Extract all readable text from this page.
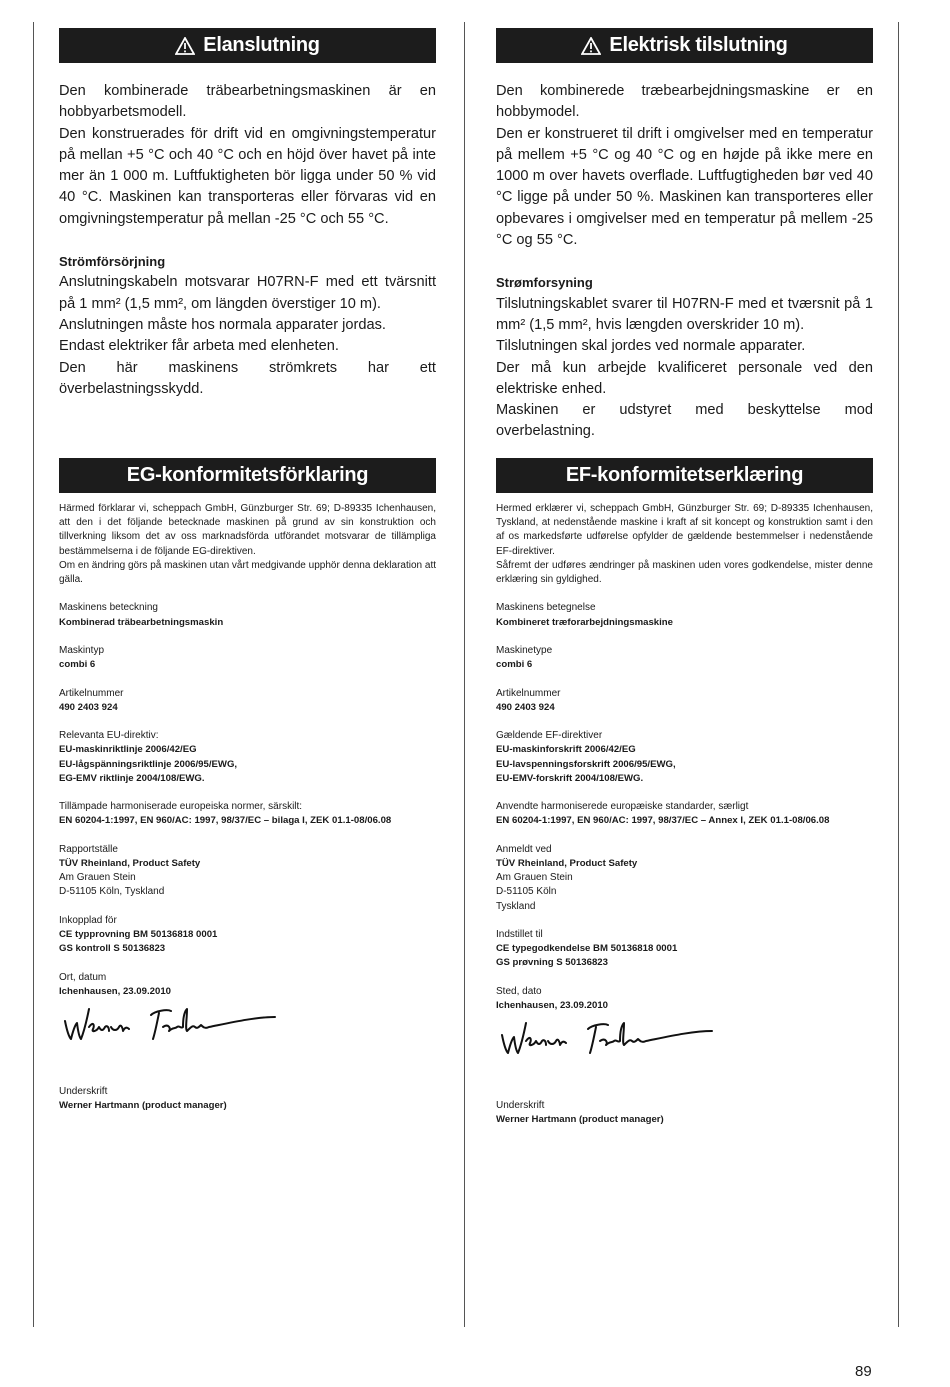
Elanslutning

Den kombinerade träbearbetningsmaskinen är en hobbyarbetsmodell.

Den konstruerades för drift vid en omgivningstemperatur på mellan +5 °C och 40 °C och en höjd över havet på inte mer än 1 000 m. Luftfuktigheten bör ligga under 50 % vid 40 °C. Maskinen kan transporteras eller förvaras vid en omgivningstemperatur på mellan -25 °C och 55 °C.

Strömförsörjning

Anslutningskabeln motsvarar H07RN-F med ett tvärsnitt på 1 mm² (1,5 mm², om längden överstiger 10 m).

Anslutningen måste hos normala apparater jordas.

Endast elektriker får arbeta med elenheten.

Den här maskinens strömkrets har ett överbelastningsskydd.

EG-konformitetsförklaring

Härmed förklarar vi, scheppach GmbH, Günzburger Str. 69; D-89335 Ichenhausen, att den i det följande betecknade maskinen på grund av sin konstruktion och tillverkning liksom det av oss marknadsförda utförandet motsvarar de tillämpliga bestämmelserna i de följande EG-direktiven.

Om en ändring görs på maskinen utan vårt medgivande upphör denna deklaration att gälla.

Maskinens beteckning

Kombinerad träbearbetningsmaskin

Maskintyp

combi 6

Artikelnummer

490 2403 924

Relevanta EU-direktiv:

EU-maskinriktlinje 2006/42/EG

EU-lågspänningsriktlinje 2006/95/EWG,

EG-EMV riktlinje 2004/108/EWG.

Tillämpade harmoniserade europeiska normer, särskilt:

EN 60204-1:1997, EN 960/AC: 1997, 98/37/EC – bilaga I, ZEK 01.1-08/06.08

Rapportställe

TÜV Rheinland, Product Safety

Am Grauen Stein

D-51105 Köln, Tyskland

Inkopplad för

CE typprovning BM 50136818 0001

GS kontroll S 50136823

Ort, datum

Ichenhausen, 23.09.2010

Underskrift

Werner Hartmann (product manager)

Elektrisk tilslutning

Den kombinerede træbearbejdningsmaskine er en hobbymodel.

Den er konstrueret til drift i omgivelser med en temperatur på mellem +5 °C og 40 °C og en højde på ikke mere en 1000 m over havets overflade. Luftfugtigheden bør ved 40 °C ligge på under 50 %. Maskinen kan transporteres eller opbevares i omgivelser med en temperatur på mellem -25 °C og 55 °C.

Strømforsyning

Tilslutningskablet svarer til H07RN-F med et tværsnit på 1 mm² (1,5 mm², hvis længden overskrider 10 m).

Tilslutningen skal jordes ved normale apparater.

Der må kun arbejde kvalificeret personale ved den elektriske enhed.

Maskinen er udstyret med beskyttelse mod overbelastning.

EF-konformitetserklæring

Hermed erklærer vi, scheppach GmbH, Günzburger Str. 69; D-89335 Ichenhausen, Tyskland, at nedenstående maskine i kraft af sit koncept og konstruktion samt i den af os markedsførte udførelse opfylder de gældende bestemmelser i nedenstående EF-direktiver.

Såfremt der udføres ændringer på maskinen uden vores godkendelse, mister denne erklæring sin gyldighed.

Maskinens betegnelse

Kombineret træforarbejdningsmaskine

Maskinetype

combi 6

Artikelnummer

490 2403 924

Gældende EF-direktiver

EU-maskinforskrift 2006/42/EG

EU-lavspenningsforskrift 2006/95/EWG,

EU-EMV-forskrift 2004/108/EWG.

Anvendte harmoniserede europæiske standarder, særligt

EN 60204-1:1997, EN 960/AC: 1997, 98/37/EC – Annex I, ZEK 01.1-08/06.08

Anmeldt ved

TÜV Rheinland, Product Safety

Am Grauen Stein

D-51105 Köln

Tyskland

Indstillet til

CE typegodkendelse BM 50136818 0001

GS prøvning S 50136823

Sted, dato

Ichenhausen, 23.09.2010

Underskrift

Werner Hartmann (product manager)

89
